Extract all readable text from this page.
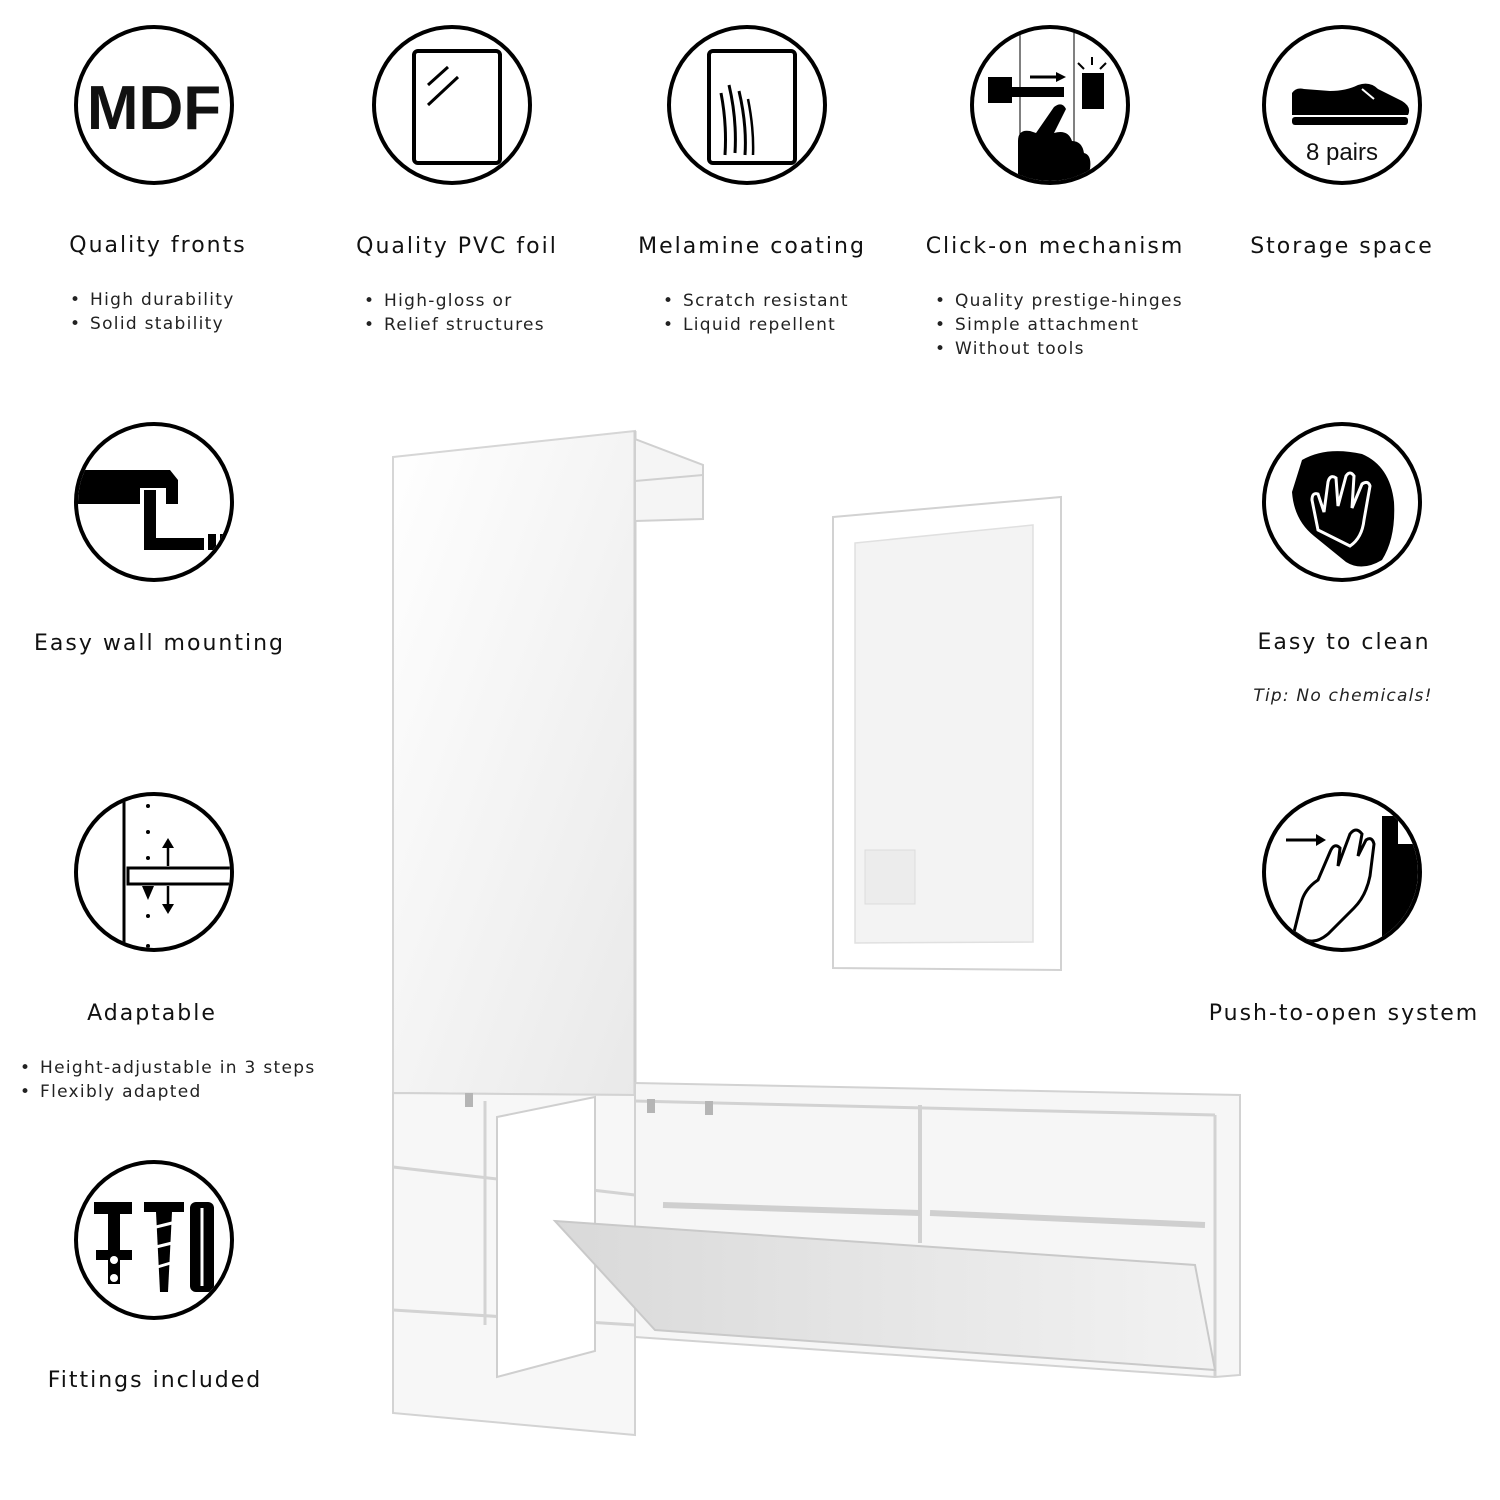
MDF
8 pairs
Quality fronts	Quality PVC foil	Melamine coating	Click-on mechanism	Storage space
• High durability
• Solid stability
• High-gloss or
• Relief structures
• Scratch resistant
• Liquid repellent
• Quality prestige-hinges
• Simple attachment
• Without tools
Easy wall mounting
Adaptable
• Height-adjustable in 3 steps
• Flexibly adapted
Fittings included
Easy to clean
Tip: No chemicals!
Push-to-open system
